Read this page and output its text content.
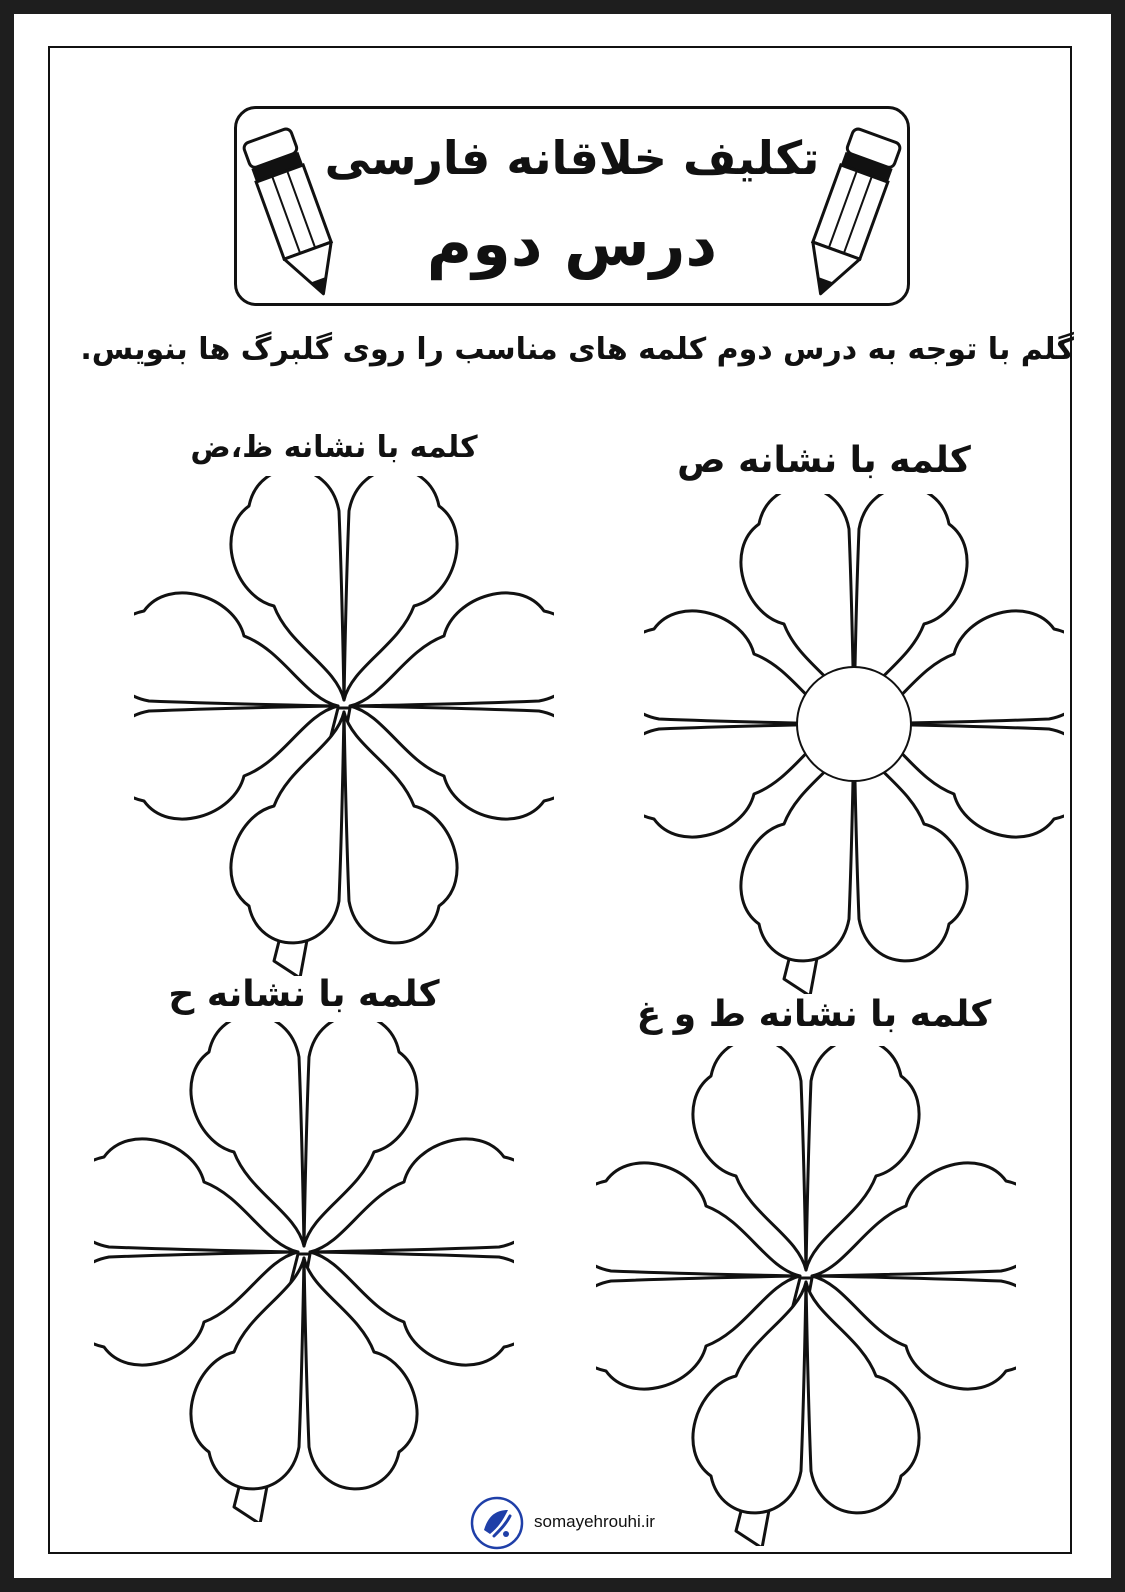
تکلیف خلاقانه فارسی
درس دوم
گلم با توجه به درس دوم کلمه های مناسب را روی گلبرگ ها بنویس.
کلمه با نشانه ص
کلمه با نشانه ظ،ض
کلمه با نشانه ط و غ
کلمه با نشانه ح
somayehrouhi.ir
